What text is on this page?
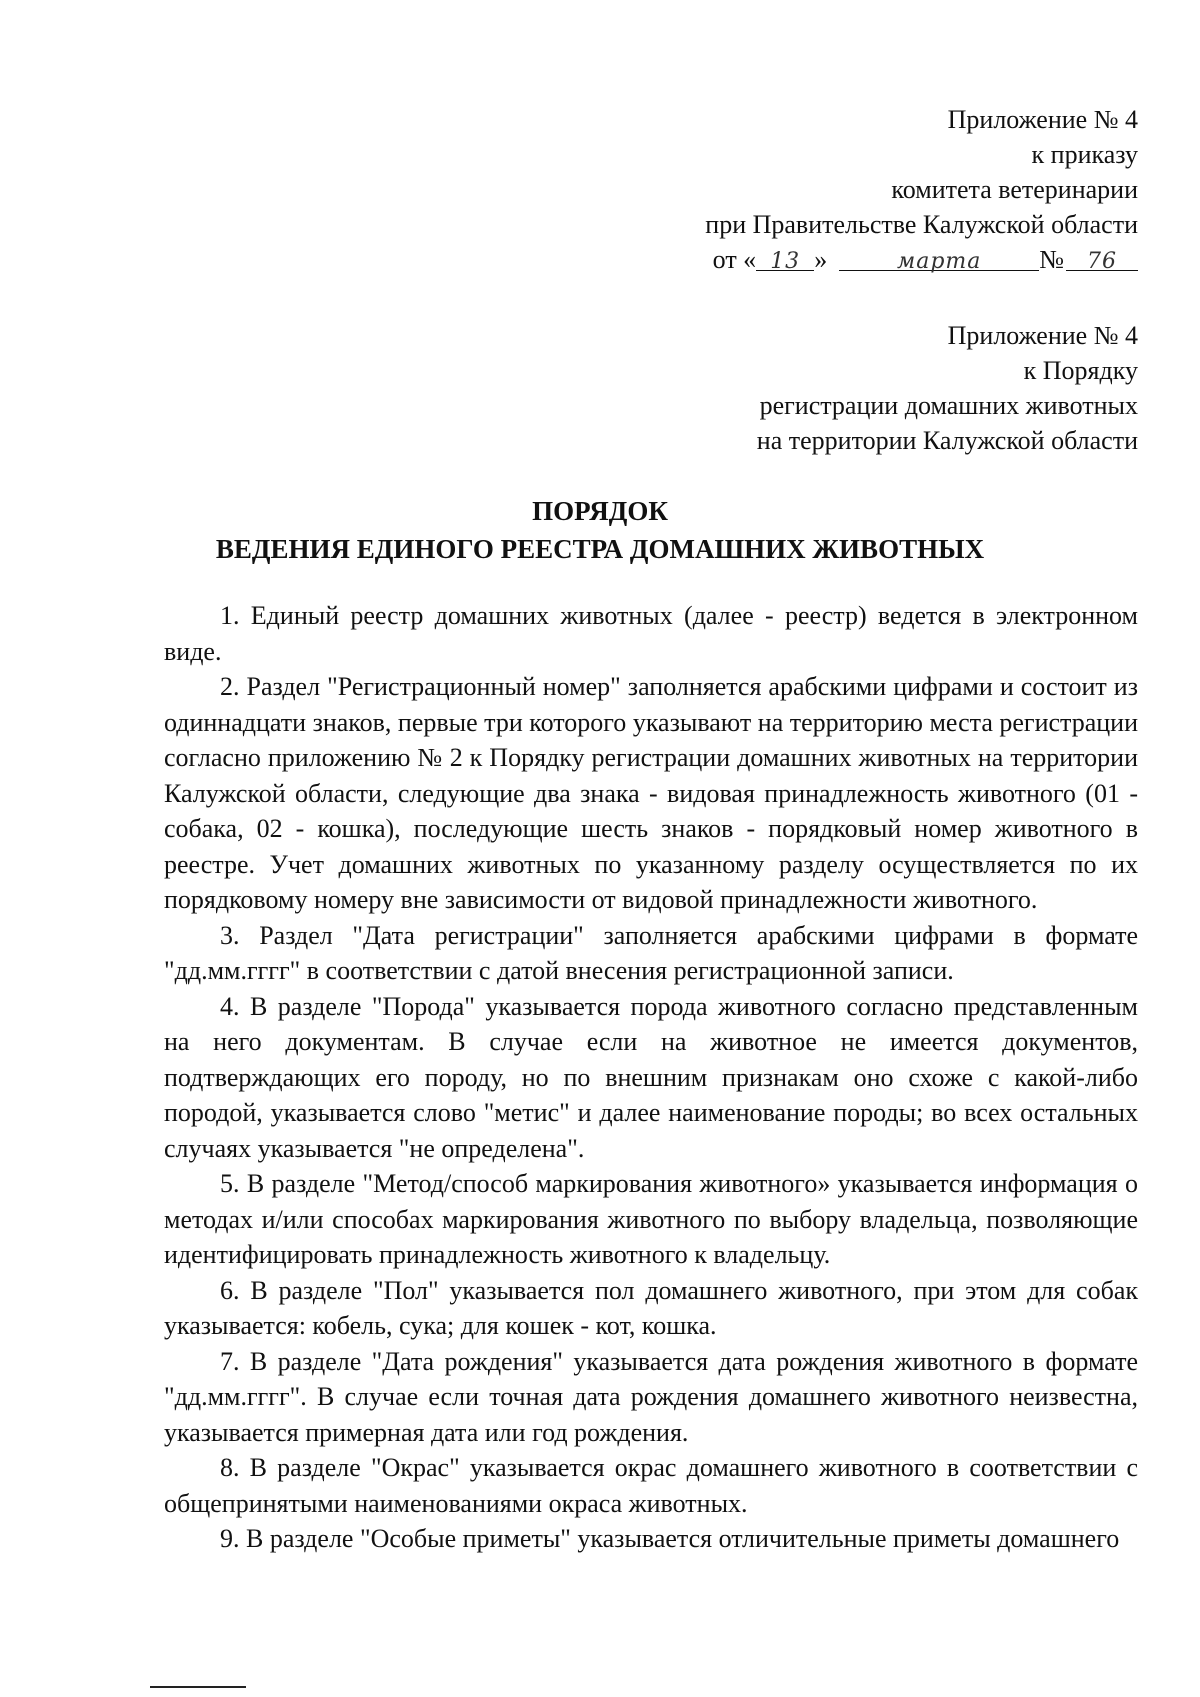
Приложение № 4
к приказу
комитета ветеринарии
при Правительстве Калужской области
от « 13 »	марта № 76
Приложение № 4
к Порядку
регистрации домашних животных
на территории Калужской области
ПОРЯДОК
ВЕДЕНИЯ ЕДИНОГО РЕЕСТРА ДОМАШНИХ ЖИВОТНЫХ

1. Единый реестр домашних животных (далее - реестр) ведется в электронном виде.

2. Раздел "Регистрационный номер" заполняется арабскими цифрами и состоит из одиннадцати знаков, первые три которого указывают на территорию места регистрации согласно приложению № 2 к Порядку регистрации домашних животных на территории Калужской области, следующие два знака - видовая принадлежность животного (01 - собака, 02 - кошка), последующие шесть знаков - порядковый номер животного в реестре. Учет домашних животных по указанному разделу осуществляется по их порядковому номеру вне зависимости от видовой принадлежности животного.

3. Раздел "Дата регистрации" заполняется арабскими цифрами в формате "дд.мм.гггг" в соответствии с датой внесения регистрационной записи.

4. В разделе "Порода" указывается порода животного согласно представленным на него документам. В случае если на животное не имеется документов, подтверждающих его породу, но по внешним признакам оно схоже с какой-либо породой, указывается слово "метис" и далее наименование породы; во всех остальных случаях указывается "не определена".

5. В разделе "Метод/способ маркирования животного» указывается информация о методах и/или способах маркирования животного по выбору владельца, позволяющие идентифицировать принадлежность животного к владельцу.

6. В разделе "Пол" указывается пол домашнего животного, при этом для собак указывается: кобель, сука; для кошек - кот, кошка.

7. В разделе "Дата рождения" указывается дата рождения животного в формате "дд.мм.гггг". В случае если точная дата рождения домашнего животного неизвестна, указывается примерная дата или год рождения.

8. В разделе "Окрас" указывается окрас домашнего животного в соответствии с общепринятыми наименованиями окраса животных.

9. В разделе "Особые приметы" указывается отличительные приметы домашнего
